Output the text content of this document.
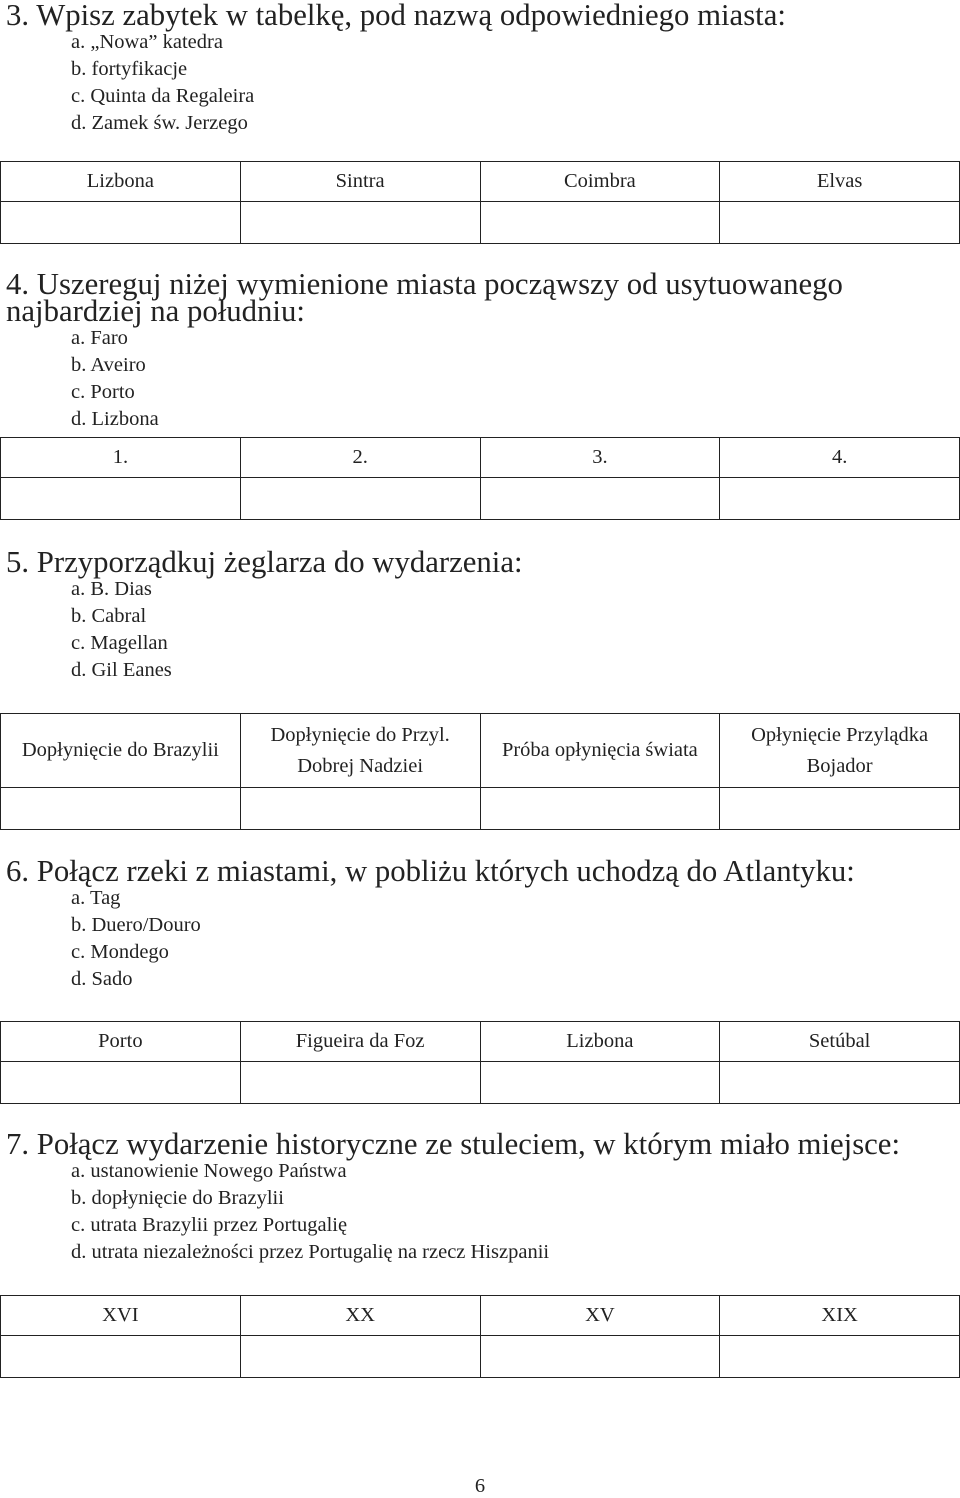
3. Wpisz zabytek w tabelkę, pod nazwą odpowiedniego miasta:
a. „Nowa” katedra
b. fortyfikacje
c. Quinta da Regaleira
d. Zamek św. Jerzego
Lizbona	Sintra	Coimbra	Elvas

4. Uszereguj niżej wymienione miasta począwszy od usytuowanego najbardziej na południu:
a. Faro
b. Aveiro
c. Porto
d. Lizbona
1.	2.	3.	4.

5. Przyporządkuj żeglarza do wydarzenia:
a. B. Dias
b. Cabral
c. Magellan
d. Gil Eanes
Dopłynięcie do Brazylii	Dopłynięcie do Przyl. Dobrej Nadziei	Próba opłynięcia świata	Opłynięcie Przylądka Bojador

6. Połącz rzeki z miastami, w pobliżu których uchodzą do Atlantyku:
a. Tag
b. Duero/Douro
c. Mondego
d. Sado
Porto	Figueira da Foz	Lizbona	Setúbal

7. Połącz wydarzenie historyczne ze stuleciem, w którym miało miejsce:
a. ustanowienie Nowego Państwa
b. dopłynięcie do Brazylii
c. utrata Brazylii przez Portugalię
d. utrata niezależności przez Portugalię na rzecz Hiszpanii
XVI	XX	XV	XIX

6
